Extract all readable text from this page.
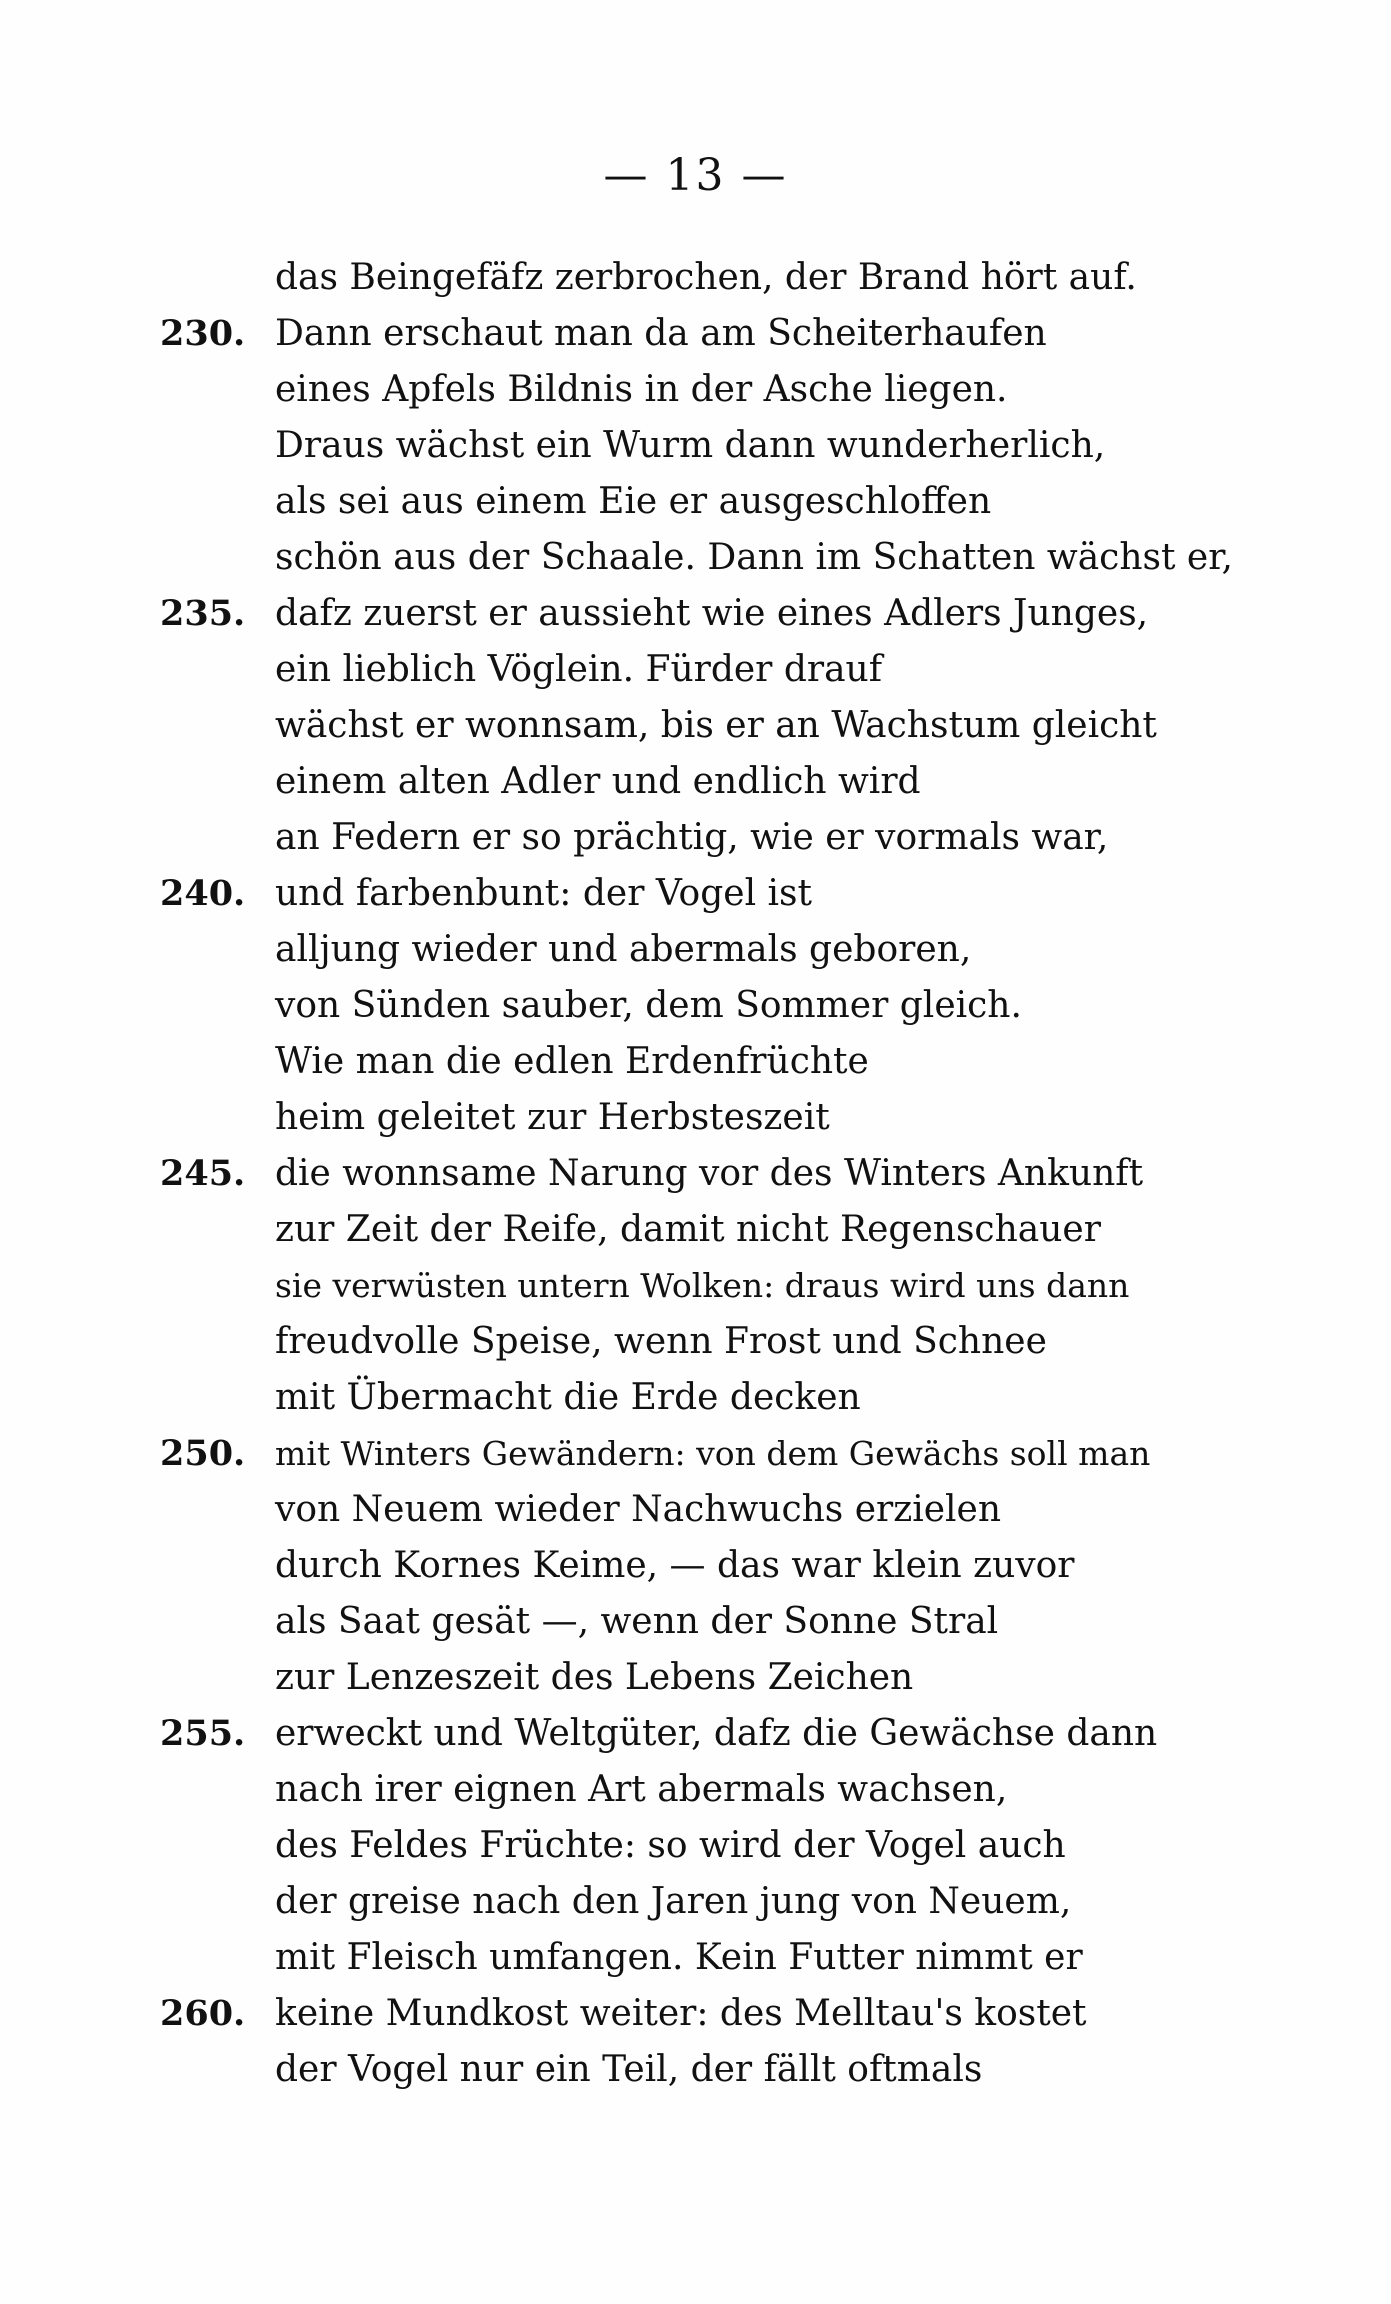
— 13 —
das Beingefäfz zerbrochen, der Brand hört auf.
230. Dann erschaut man da am Scheiterhaufen
eines Apfels Bildnis in der Asche liegen.
Draus wächst ein Wurm dann wunderherlich,
als sei aus einem Eie er ausgeschloffen
schön aus der Schaale. Dann im Schatten wächst er,
235. dafz zuerst er aussieht wie eines Adlers Junges,
ein lieblich Vöglein. Fürder drauf
wächst er wonnsam, bis er an Wachstum gleicht
einem alten Adler und endlich wird
an Federn er so prächtig, wie er vormals war,
240. und farbenbunt: der Vogel ist
alljung wieder und abermals geboren,
von Sünden sauber, dem Sommer gleich.
Wie man die edlen Erdenfrüchte
heim geleitet zur Herbsteszeit
245. die wonnsame Narung vor des Winters Ankunft
zur Zeit der Reife, damit nicht Regenschauer
sie verwüsten untern Wolken: draus wird uns dann
freudvolle Speise, wenn Frost und Schnee
mit Übermacht die Erde decken
250. mit Winters Gewändern: von dem Gewächs soll man
von Neuem wieder Nachwuchs erzielen
durch Kornes Keime, — das war klein zuvor
als Saat gesät —, wenn der Sonne Stral
zur Lenzeszeit des Lebens Zeichen
255. erweckt und Weltgüter, dafz die Gewächse dann
nach irer eignen Art abermals wachsen,
des Feldes Früchte: so wird der Vogel auch
der greise nach den Jaren jung von Neuem,
mit Fleisch umfangen. Kein Futter nimmt er
260. keine Mundkost weiter: des Melltau's kostet
der Vogel nur ein Teil, der fällt oftmals
